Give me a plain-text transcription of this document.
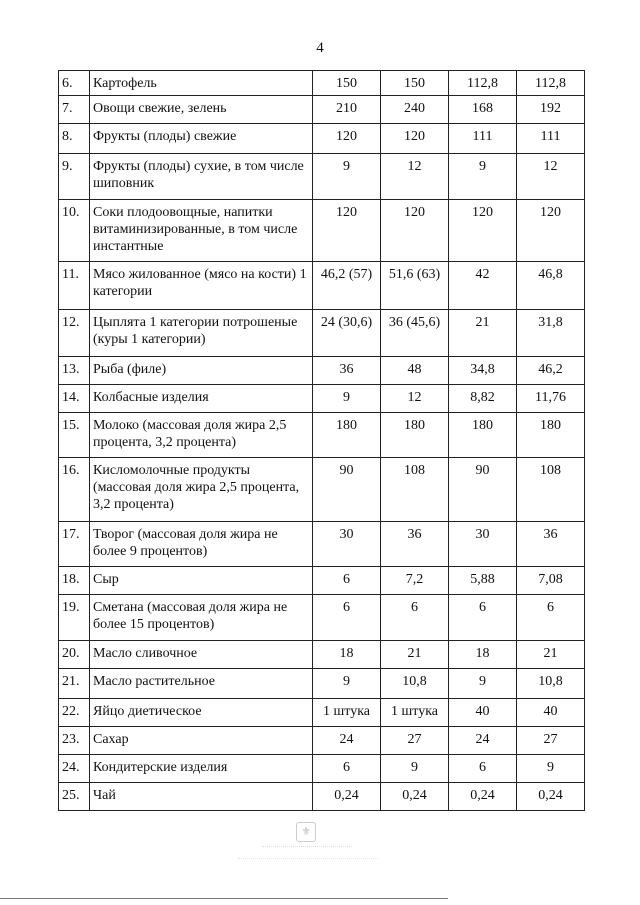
4
6.	Картофель	150	150	112,8	112,8
7.	Овощи свежие, зелень	210	240	168	192
8.	Фрукты (плоды) свежие	120	120	111	111
9.	Фрукты (плоды) сухие, в том числе шиповник	9	12	9	12
10.	Соки плодоовощные, напитки витаминизированные, в том числе инстантные	120	120	120	120
11.	Мясо жилованное (мясо на кости) 1 категории	46,2 (57)	51,6 (63)	42	46,8
12.	Цыплята 1 категории потрошеные (куры 1 категории)	24 (30,6)	36 (45,6)	21	31,8
13.	Рыба (филе)	36	48	34,8	46,2
14.	Колбасные изделия	9	12	8,82	11,76
15.	Молоко (массовая доля жира 2,5 процента, 3,2 процента)	180	180	180	180
16.	Кисломолочные продукты (массовая доля жира 2,5 процента, 3,2 процента)	90	108	90	108
17.	Творог (массовая доля жира не более 9 процентов)	30	36	30	36
18.	Сыр	6	7,2	5,88	7,08
19.	Сметана (массовая доля жира не более 15 процентов)	6	6	6	6
20.	Масло сливочное	18	21	18	21
21.	Масло растительное	9	10,8	9	10,8
22.	Яйцо диетическое	1 штука	1 штука	40	40
23.	Сахар	24	27	24	27
24.	Кондитерские изделия	6	9	6	9
25.	Чай	0,24	0,24	0,24	0,24
⚜
